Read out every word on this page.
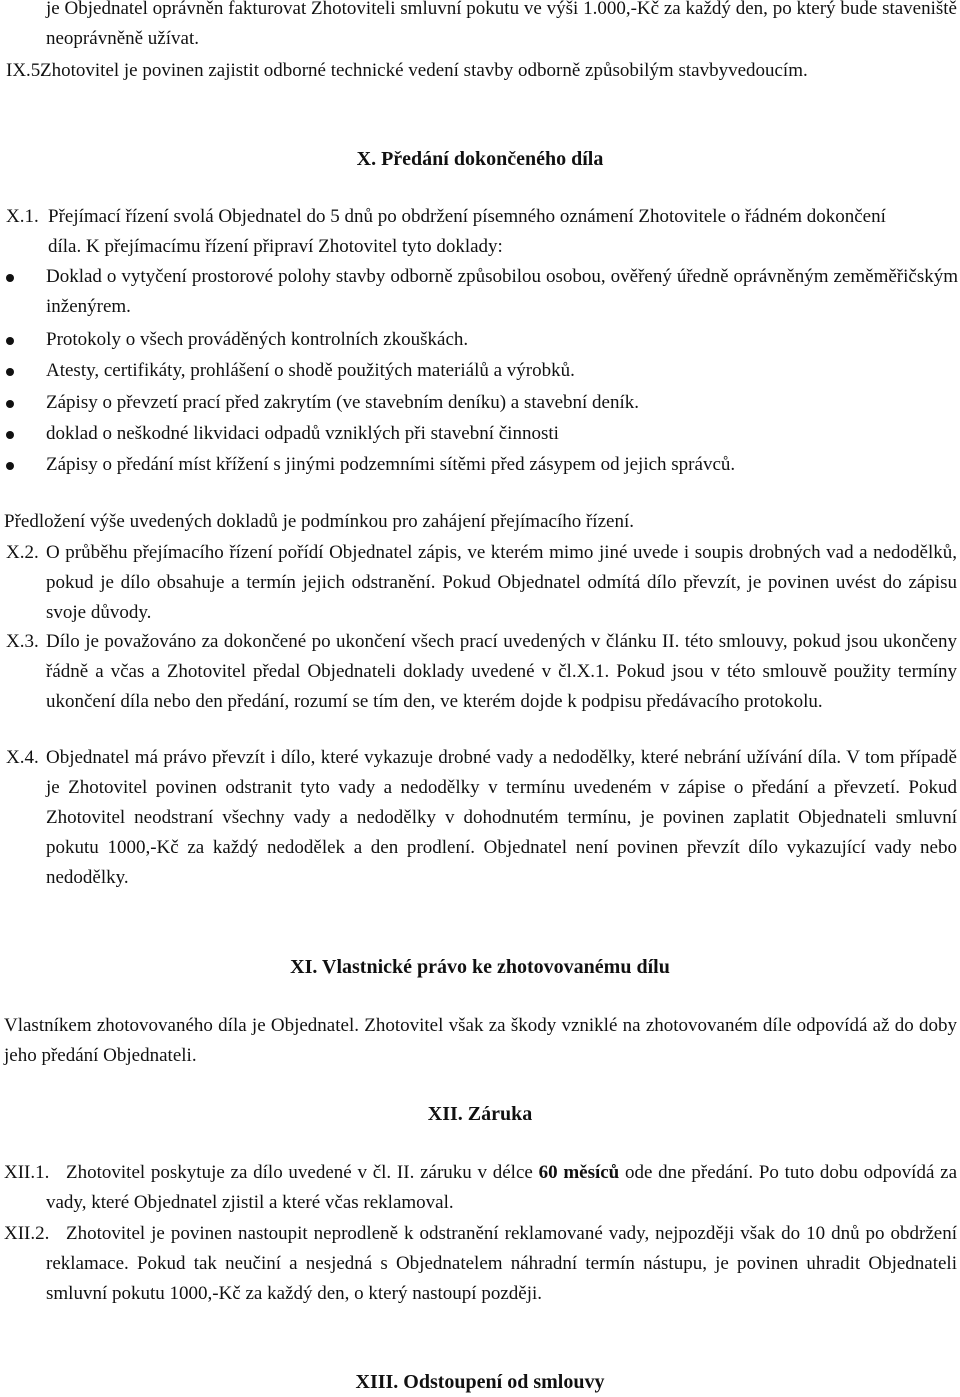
je Objednatel oprávněn fakturovat Zhotoviteli smluvní pokutu ve výši 1.000,-Kč za každý den, po který bude staveniště neoprávněně užívat.
IX.5.
Zhotovitel je povinen zajistit odborné technické vedení stavby odborně způsobilým stavbyvedoucím.
X. Předání dokončeného díla
X.1. Přejímací řízení svolá Objednatel do 5 dnů po obdržení písemného oznámení Zhotovitele o řádném dokončení díla. K přejímacímu řízení připraví Zhotovitel tyto doklady:
Doklad o vytyčení prostorové polohy stavby odborně způsobilou osobou, ověřený úředně oprávněným zeměměřičským inženýrem.
Protokoly o všech prováděných kontrolních zkouškách.
Atesty, certifikáty, prohlášení o shodě použitých materiálů a výrobků.
Zápisy o převzetí prací před zakrytím (ve stavebním deníku) a stavební deník.
doklad o neškodné likvidaci odpadů vzniklých při stavební činnosti
Zápisy o předání míst křížení s jinými podzemními sítěmi před zásypem od jejich správců.
Předložení výše uvedených dokladů je podmínkou pro zahájení přejímacího řízení.
X.2. O průběhu přejímacího řízení pořídí Objednatel zápis, ve kterém mimo jiné uvede i soupis drobných vad a nedodělků, pokud je dílo obsahuje a termín jejich odstranění. Pokud Objednatel odmítá dílo převzít, je povinen uvést do zápisu svoje důvody.
X.3. Dílo je považováno za dokončené po ukončení všech prací uvedených v článku II. této smlouvy, pokud jsou ukončeny řádně a včas a Zhotovitel předal Objednateli doklady uvedené v čl.X.1. Pokud jsou v této smlouvě použity termíny ukončení díla nebo den předání, rozumí se tím den, ve kterém dojde k podpisu předávacího protokolu.
X.4. Objednatel má právo převzít i dílo, které vykazuje drobné vady a nedodělky, které nebrání užívání díla. V tom případě je Zhotovitel povinen odstranit tyto vady a nedodělky v termínu uvedeném v zápise o předání a převzetí. Pokud Zhotovitel neodstraní všechny vady a nedodělky v dohodnutém termínu, je povinen zaplatit Objednateli smluvní pokutu 1000,-Kč za každý nedodělek a den prodlení. Objednatel není povinen převzít dílo vykazující vady nebo nedodělky.
XI. Vlastnické právo ke zhotovovanému dílu
Vlastníkem zhotovovaného díla je Objednatel. Zhotovitel však za škody vzniklé na zhotovovaném díle odpovídá až do doby jeho předání Objednateli.
XII. Záruka
XII.1. Zhotovitel poskytuje za dílo uvedené v čl. II. záruku v délce 60 měsíců ode dne předání. Po tuto dobu odpovídá za vady, které Objednatel zjistil a které včas reklamoval.
XII.2. Zhotovitel je povinen nastoupit neprodleně k odstranění reklamované vady, nejpozději však do 10 dnů po obdržení reklamace. Pokud tak neučiní a nesjedná s Objednatelem náhradní termín nástupu, je povinen uhradit Objednateli smluvní pokutu 1000,-Kč za každý den, o který nastoupí později.
XIII. Odstoupení od smlouvy
